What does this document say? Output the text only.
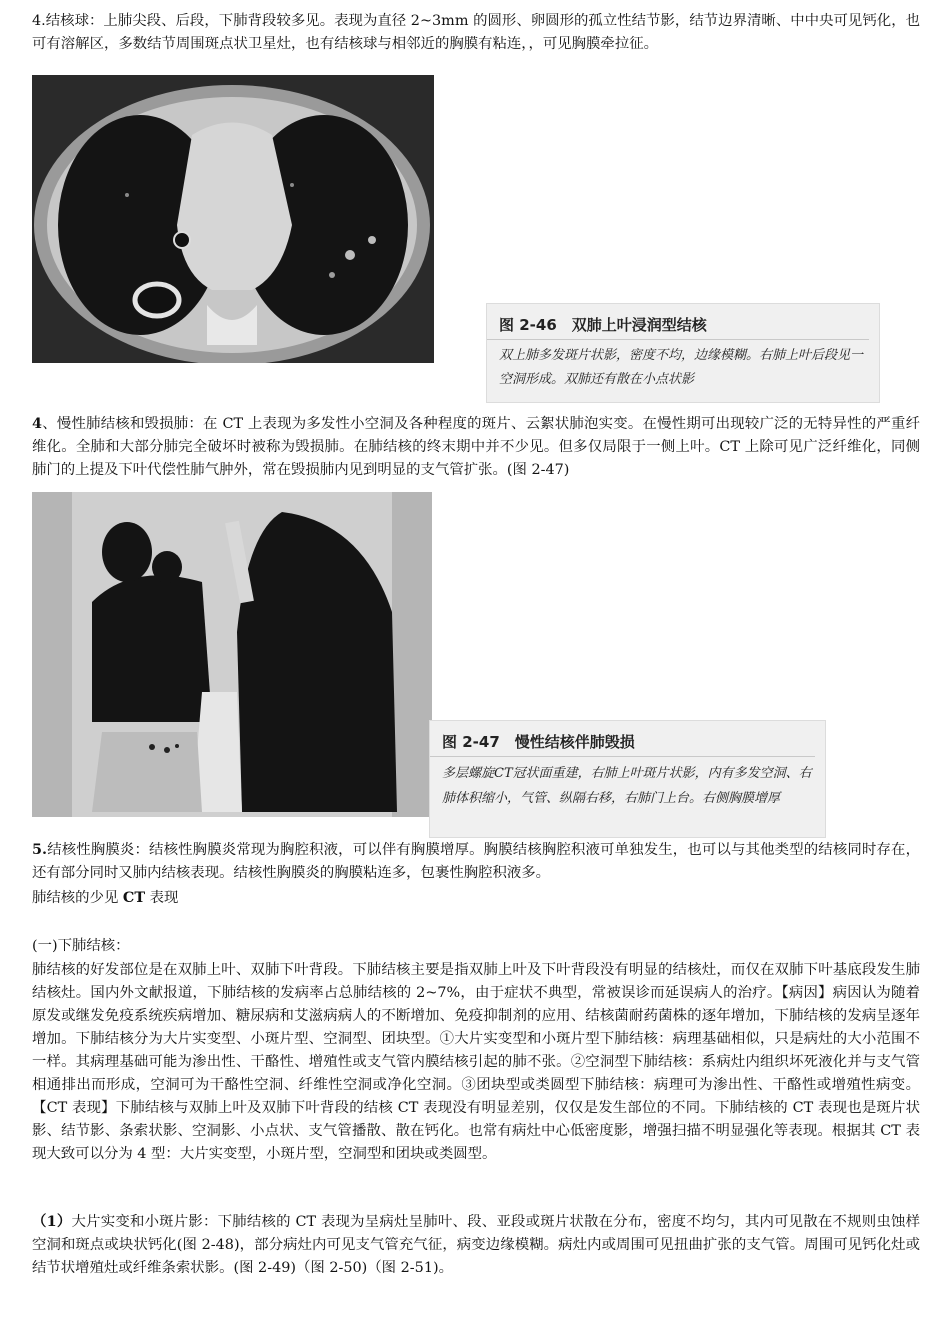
4.结核球：上肺尖段、后段，下肺背段较多见。表现为直径 2~3mm 的圆形、卵圆形的孤立性结节影，结节边界清晰、中中央可见钙化，也可有溶解区，多数结节周围斑点状卫星灶，也有结核球与相邻近的胸膜有粘连，，可见胸膜牵拉征。
图 2-46　双肺上叶浸润型结核
双上肺多发斑片状影，密度不均，边缘模糊。右肺上叶后段见一空洞形成。双肺还有散在小点状影
4、慢性肺结核和毁损肺：在 CT 上表现为多发性小空洞及各种程度的斑片、云絮状肺泡实变。在慢性期可出现较广泛的无特异性的严重纤维化。全肺和大部分肺完全破坏时被称为毁损肺。在肺结核的终末期中并不少见。但多仅局限于一侧上叶。CT 上除可见广泛纤维化，同侧肺门的上提及下叶代偿性肺气肿外，常在毁损肺内见到明显的支气管扩张。(图 2-47)
图 2-47　慢性结核伴肺毁损
多层螺旋CT冠状面重建，右肺上叶斑片状影，内有多发空洞、右肺体积缩小，气管、纵隔右移，右肺门上台。右侧胸膜增厚
5.结核性胸膜炎：结核性胸膜炎常现为胸腔积液，可以伴有胸膜增厚。胸膜结核胸腔积液可单独发生，也可以与其他类型的结核同时存在，还有部分同时又肺内结核表现。结核性胸膜炎的胸膜粘连多，包裹性胸腔积液多。
肺结核的少见 CT 表现
(一)下肺结核：
肺结核的好发部位是在双肺上叶、双肺下叶背段。下肺结核主要是指双肺上叶及下叶背段没有明显的结核灶，而仅在双肺下叶基底段发生肺结核灶。国内外文献报道，下肺结核的发病率占总肺结核的 2~7%，由于症状不典型，常被误诊而延误病人的治疗。【病因】病因认为随着原发或继发免疫系统疾病增加、糖尿病和艾滋病病人的不断增加、免疫抑制剂的应用、结核菌耐药菌株的逐年增加，下肺结核的发病呈逐年增加。下肺结核分为大片实变型、小斑片型、空洞型、团块型。①大片实变型和小斑片型下肺结核：病理基础相似，只是病灶的大小范围不一样。其病理基础可能为渗出性、干酪性、增殖性或支气管内膜结核引起的肺不张。②空洞型下肺结核：系病灶内组织坏死液化并与支气管相通排出而形成，空洞可为干酪性空洞、纤维性空洞或净化空洞。③团块型或类圆型下肺结核：病理可为渗出性、干酪性或增殖性病变。【CT 表现】下肺结核与双肺上叶及双肺下叶背段的结核 CT 表现没有明显差别，仅仅是发生部位的不同。下肺结核的 CT 表现也是斑片状影、结节影、条索状影、空洞影、小点状、支气管播散、散在钙化。也常有病灶中心低密度影，增强扫描不明显强化等表现。根据其 CT 表现大致可以分为 4 型：大片实变型，小斑片型，空洞型和团块或类圆型。
（1）大片实变和小斑片影：下肺结核的 CT 表现为呈病灶呈肺叶、段、亚段或斑片状散在分布，密度不均匀，其内可见散在不规则虫蚀样空洞和斑点或块状钙化(图 2-48)，部分病灶内可见支气管充气征，病变边缘模糊。病灶内或周围可见扭曲扩张的支气管。周围可见钙化灶或结节状增殖灶或纤维条索状影。(图 2-49)（图 2-50)（图 2-51)。
